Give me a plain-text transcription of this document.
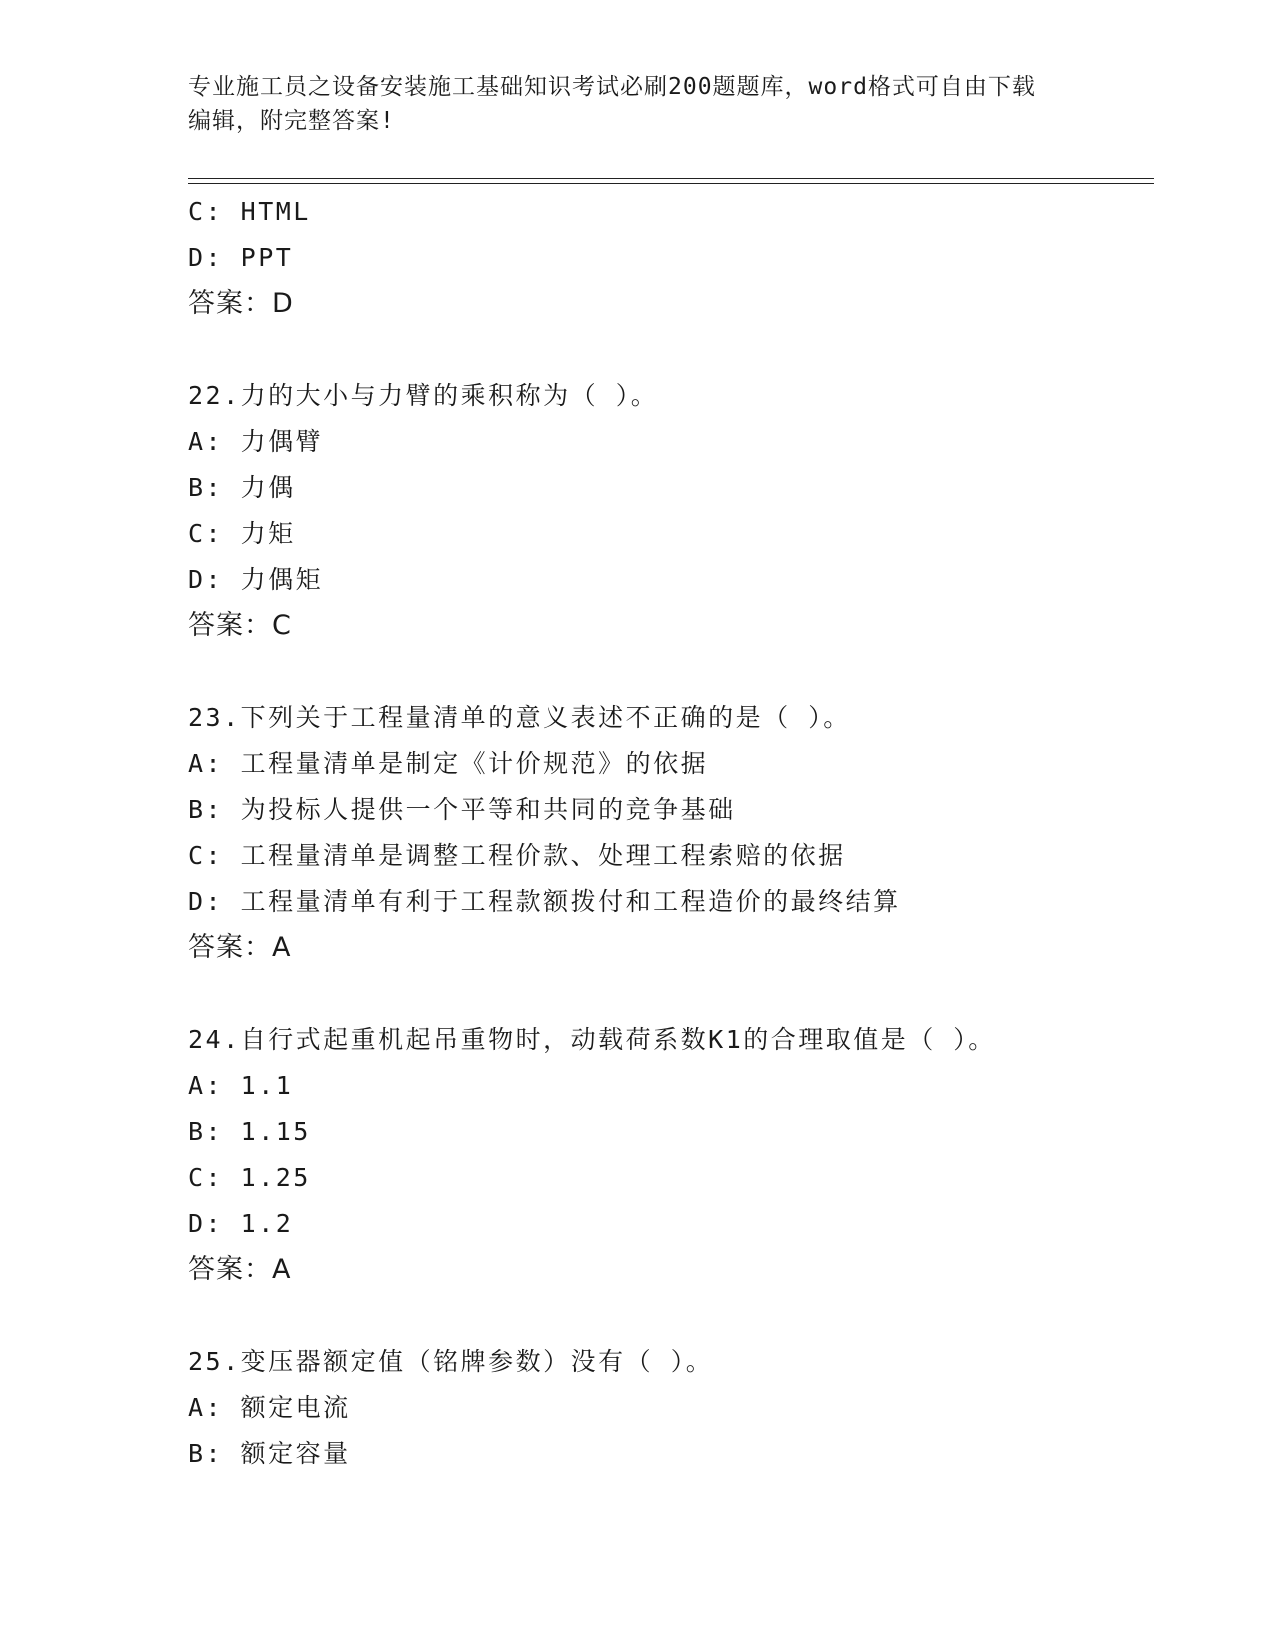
专业施工员之设备安装施工基础知识考试必刷200题题库，word格式可自由下载
编辑，附完整答案!
C: HTML
D: PPT
答案：D
22.力的大小与力臂的乘积称为（ ）。
A: 力偶臂
B: 力偶
C: 力矩
D: 力偶矩
答案：C
23.下列关于工程量清单的意义表述不正确的是（ ）。
A: 工程量清单是制定《计价规范》的依据
B: 为投标人提供一个平等和共同的竞争基础
C: 工程量清单是调整工程价款、处理工程索赔的依据
D: 工程量清单有利于工程款额拨付和工程造价的最终结算
答案：A
24.自行式起重机起吊重物时，动载荷系数K1的合理取值是（ ）。
A: 1.1
B: 1.15
C: 1.25
D: 1.2
答案：A
25.变压器额定值（铭牌参数）没有（ ）。
A: 额定电流
B: 额定容量
